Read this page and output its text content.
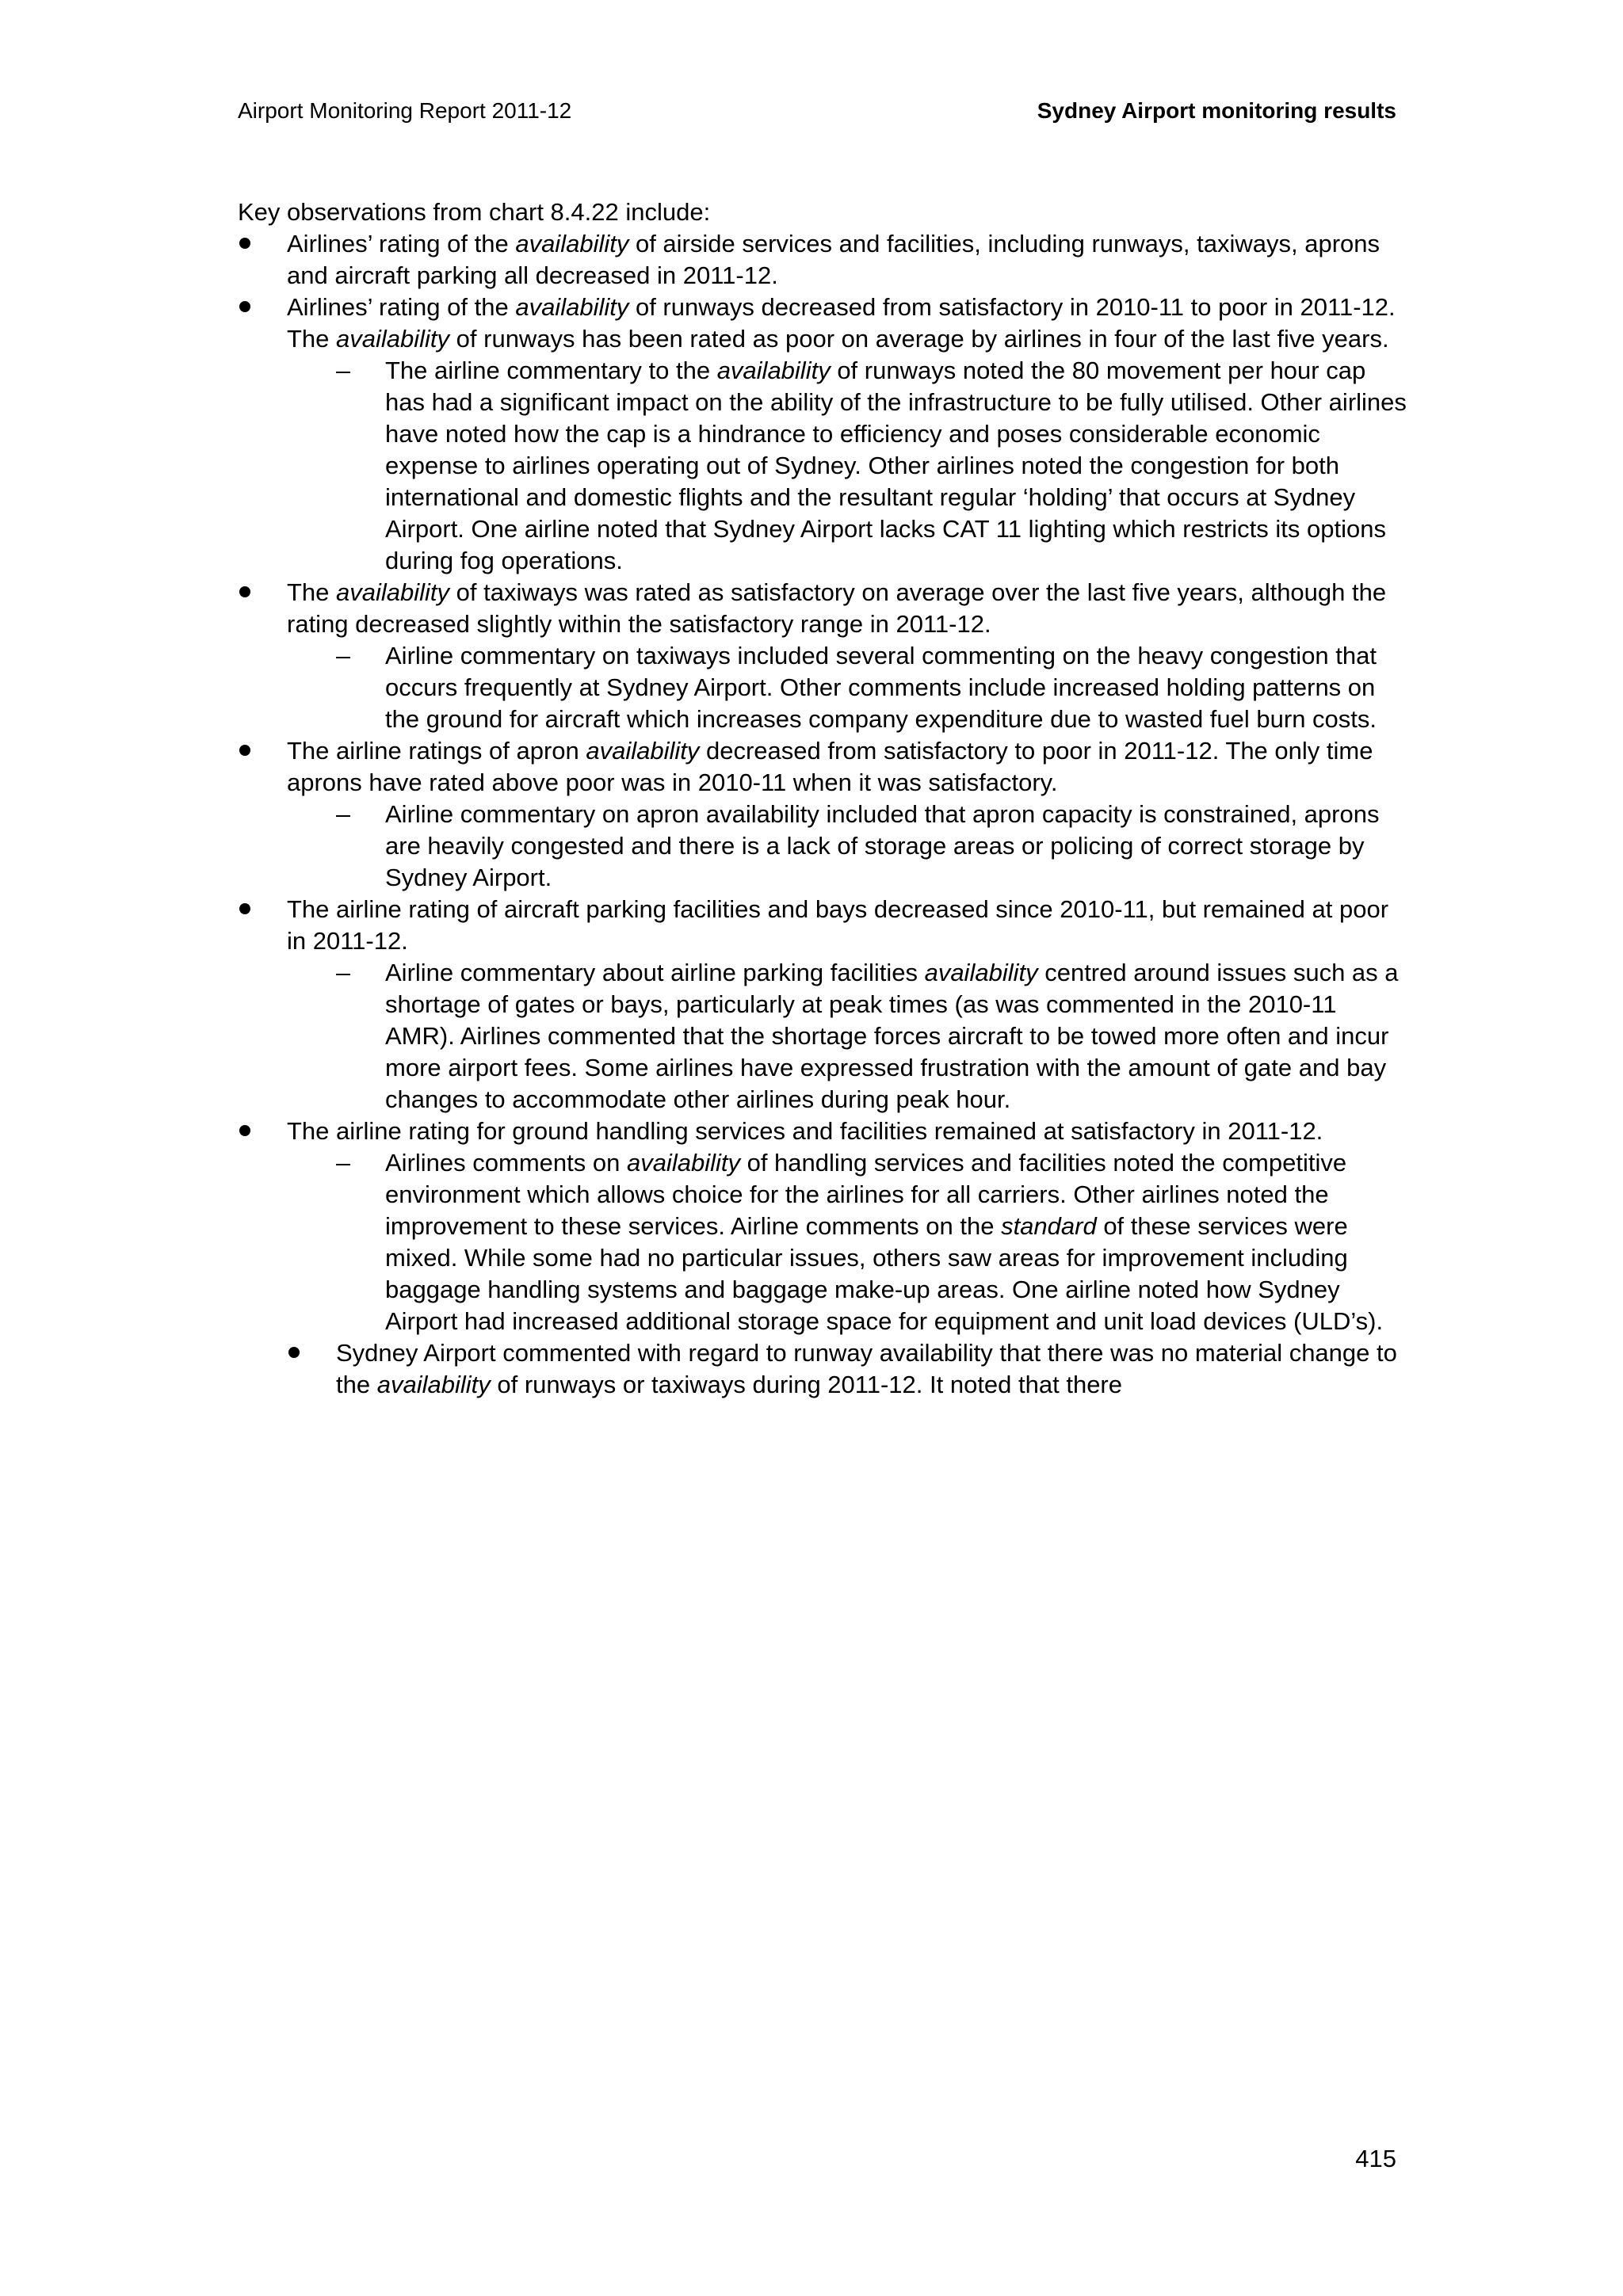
Airport Monitoring Report 2011-12	Sydney Airport monitoring results

Key observations from chart 8.4.22 include:

Airlines’ rating of the availability of airside services and facilities, including runways, taxiways, aprons and aircraft parking all decreased in 2011-12.

Airlines’ rating of the availability of runways decreased from satisfactory in 2010-11 to poor in 2011-12. The availability of runways has been rated as poor on average by airlines in four of the last five years.

The airline commentary to the availability of runways noted the 80 movement per hour cap has had a significant impact on the ability of the infrastructure to be fully utilised. Other airlines have noted how the cap is a hindrance to efficiency and poses considerable economic expense to airlines operating out of Sydney. Other airlines noted the congestion for both international and domestic flights and the resultant regular ‘holding’ that occurs at Sydney Airport. One airline noted that Sydney Airport lacks CAT 11 lighting which restricts its options during fog operations.

The availability of taxiways was rated as satisfactory on average over the last five years, although the rating decreased slightly within the satisfactory range in 2011-12.

Airline commentary on taxiways included several commenting on the heavy congestion that occurs frequently at Sydney Airport. Other comments include increased holding patterns on the ground for aircraft which increases company expenditure due to wasted fuel burn costs.

The airline ratings of apron availability decreased from satisfactory to poor in 2011-12. The only time aprons have rated above poor was in 2010-11 when it was satisfactory.

Airline commentary on apron availability included that apron capacity is constrained, aprons are heavily congested and there is a lack of storage areas or policing of correct storage by Sydney Airport.

The airline rating of aircraft parking facilities and bays decreased since 2010-11, but remained at poor in 2011-12.

Airline commentary about airline parking facilities availability centred around issues such as a shortage of gates or bays, particularly at peak times (as was commented in the 2010-11 AMR). Airlines commented that the shortage forces aircraft to be towed more often and incur more airport fees. Some airlines have expressed frustration with the amount of gate and bay changes to accommodate other airlines during peak hour.

The airline rating for ground handling services and facilities remained at satisfactory in 2011-12.

Airlines comments on availability of handling services and facilities noted the competitive environment which allows choice for the airlines for all carriers. Other airlines noted the improvement to these services. Airline comments on the standard of these services were mixed. While some had no particular issues, others saw areas for improvement including baggage handling systems and baggage make-up areas. One airline noted how Sydney Airport had increased additional storage space for equipment and unit load devices (ULD’s).

Sydney Airport commented with regard to runway availability that there was no material change to the availability of runways or taxiways during 2011-12. It noted that there

415
